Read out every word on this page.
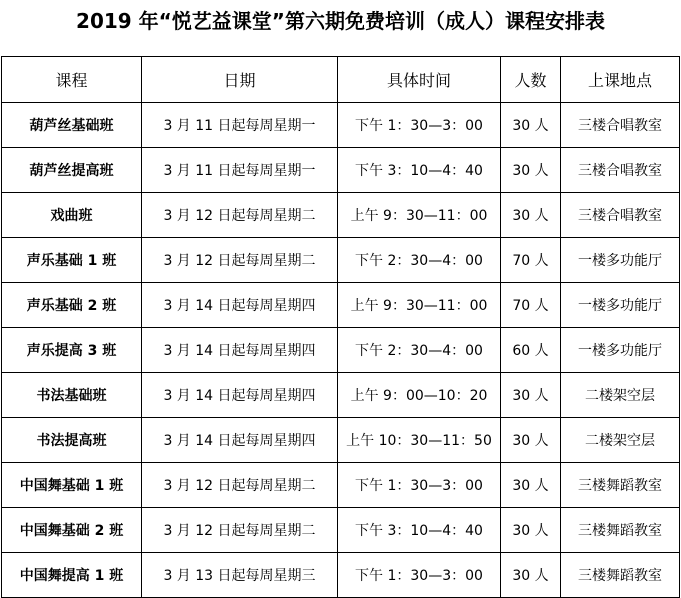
2019 年“悦艺益课堂”第六期免费培训（成人）课程安排表
课程	日期	具体时间	人数	上课地点
葫芦丝基础班	3 月 11 日起每周星期一	下午 1：30—3：00	30 人	三楼合唱教室
葫芦丝提高班	3 月 11 日起每周星期一	下午 3：10—4：40	30 人	三楼合唱教室
戏曲班	3 月 12 日起每周星期二	上午 9：30—11：00	30 人	三楼合唱教室
声乐基础 1 班	3 月 12 日起每周星期二	下午 2：30—4：00	70 人	一楼多功能厅
声乐基础 2 班	3 月 14 日起每周星期四	上午 9：30—11：00	70 人	一楼多功能厅
声乐提高 3 班	3 月 14 日起每周星期四	下午 2：30—4：00	60 人	一楼多功能厅
书法基础班	3 月 14 日起每周星期四	上午 9：00—10：20	30 人	二楼架空层
书法提高班	3 月 14 日起每周星期四	上午 10：30—11：50	30 人	二楼架空层
中国舞基础 1 班	3 月 12 日起每周星期二	下午 1：30—3：00	30 人	三楼舞蹈教室
中国舞基础 2 班	3 月 12 日起每周星期二	下午 3：10—4：40	30 人	三楼舞蹈教室
中国舞提高 1 班	3 月 13 日起每周星期三	下午 1：30—3：00	30 人	三楼舞蹈教室
